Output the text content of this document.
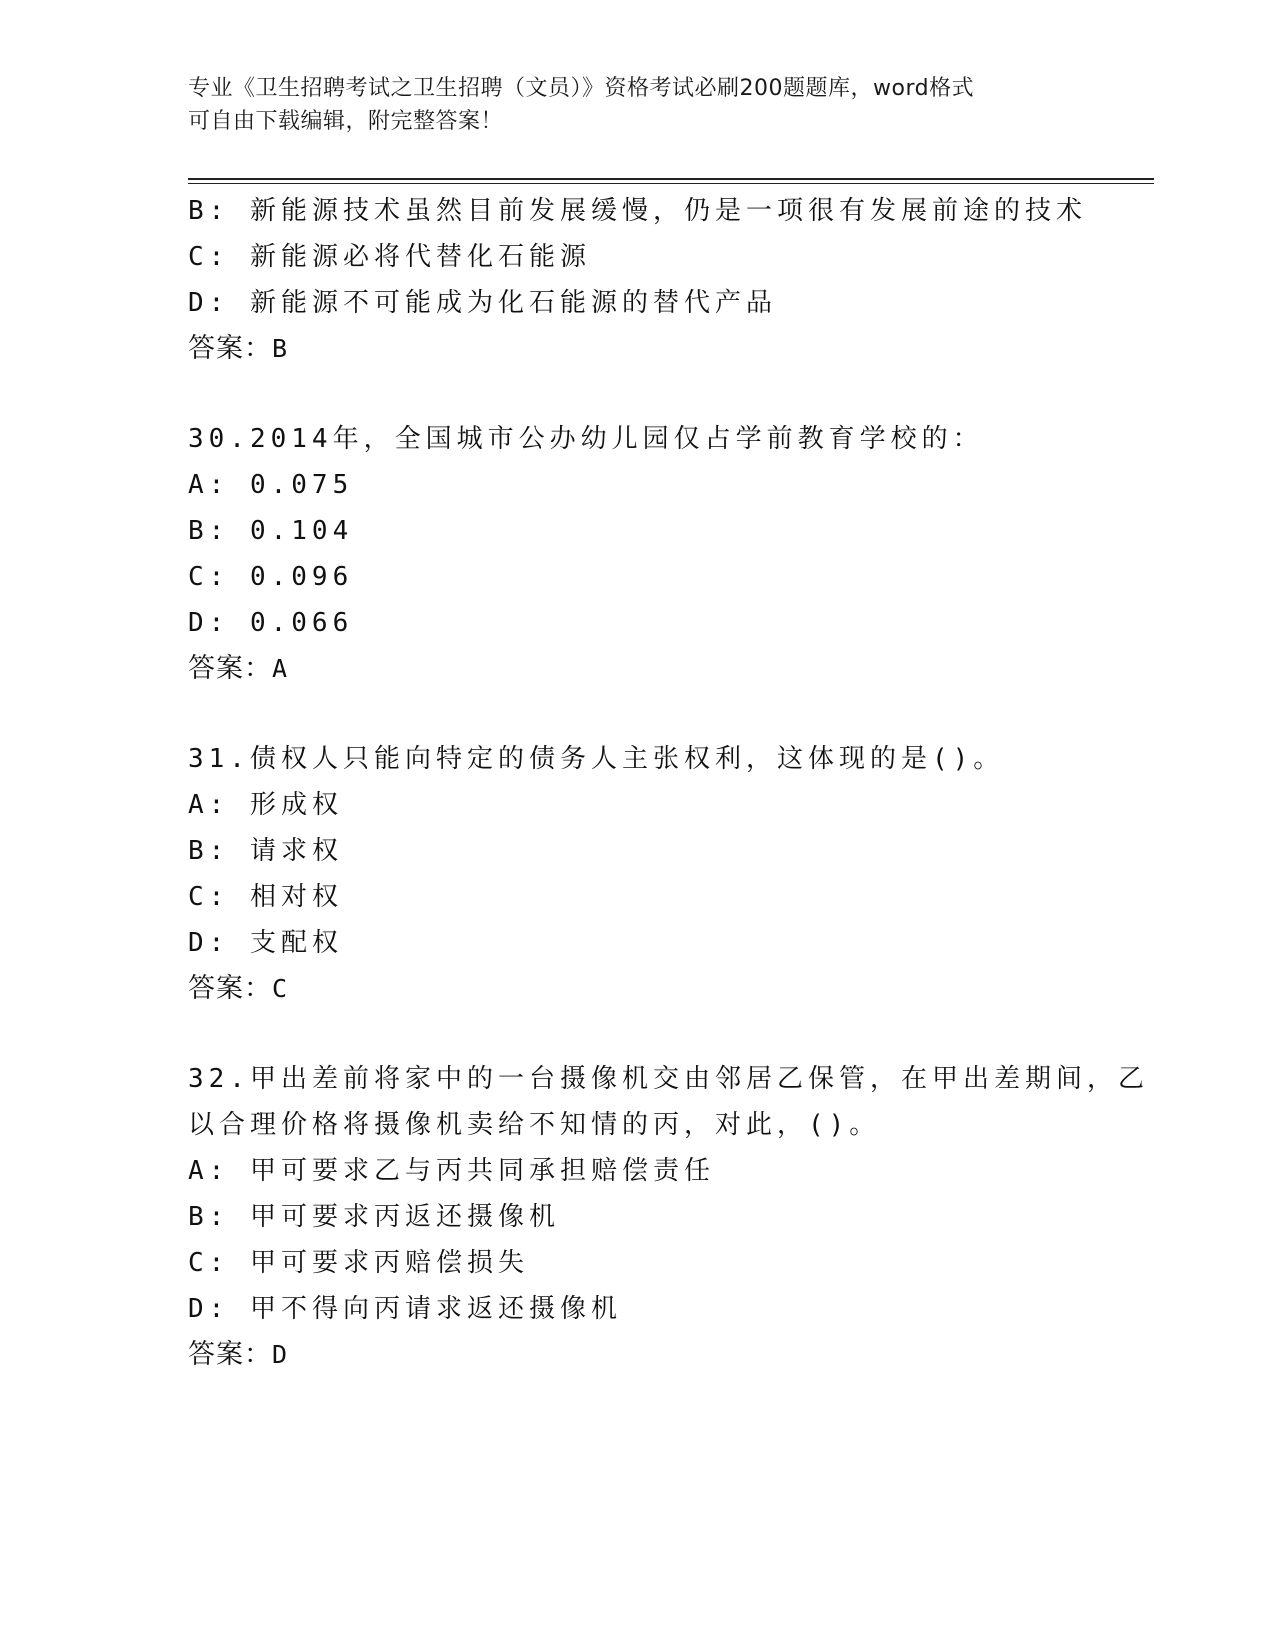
专业《卫生招聘考试之卫生招聘（文员）》资格考试必刷200题题库，word格式
可自由下载编辑，附完整答案！
B: 新能源技术虽然目前发展缓慢，仍是一项很有发展前途的技术
C: 新能源必将代替化石能源
D: 新能源不可能成为化石能源的替代产品
答案：B
30.2014年，全国城市公办幼儿园仅占学前教育学校的：
A: 0.075
B: 0.104
C: 0.096
D: 0.066
答案：A
31.债权人只能向特定的债务人主张权利，这体现的是()。
A: 形成权
B: 请求权
C: 相对权
D: 支配权
答案：C
32.甲出差前将家中的一台摄像机交由邻居乙保管，在甲出差期间，乙
以合理价格将摄像机卖给不知情的丙，对此，()。
A: 甲可要求乙与丙共同承担赔偿责任
B: 甲可要求丙返还摄像机
C: 甲可要求丙赔偿损失
D: 甲不得向丙请求返还摄像机
答案：D
